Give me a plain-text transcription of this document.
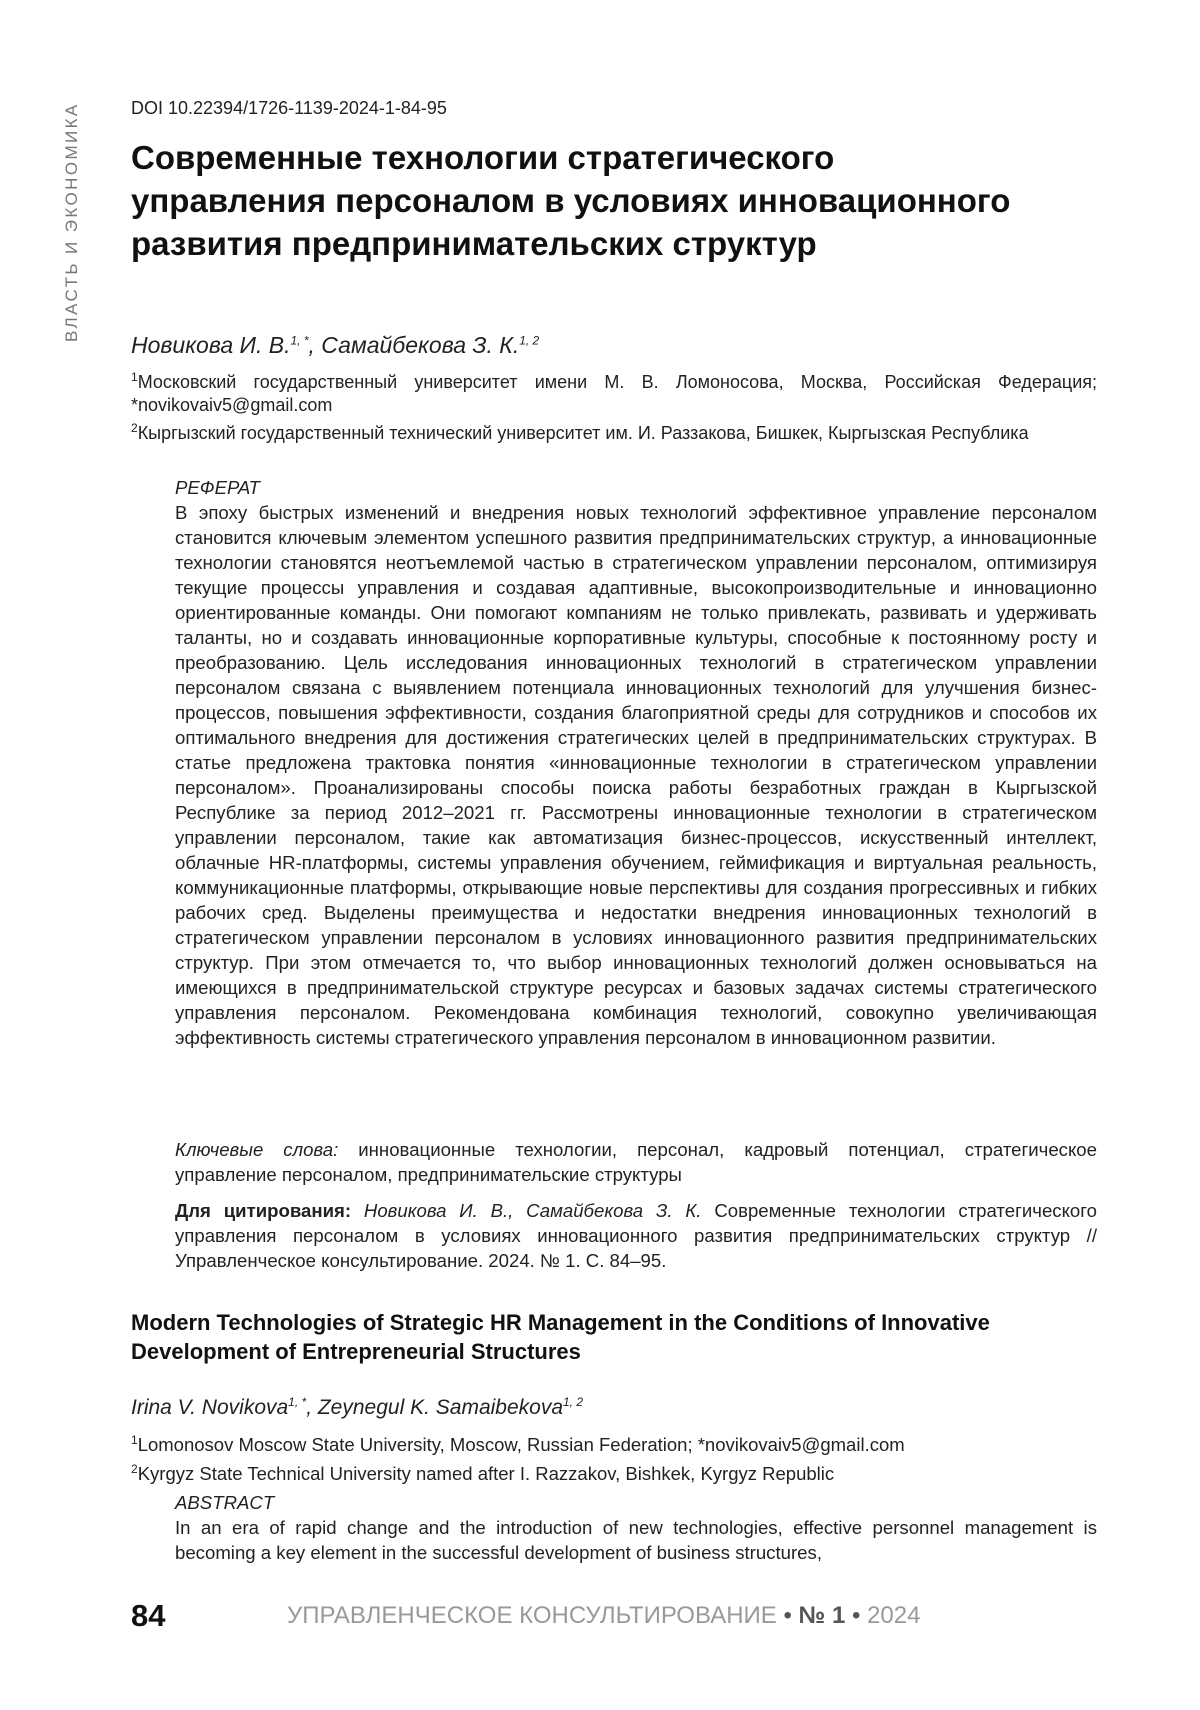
ВЛАСТЬ И ЭКОНОМИКА	DOI 10.22394/1726-1139-2024-1-84-95
Современные технологии стратегического управления персоналом в условиях инновационного развития предпринимательских структур
Новикова И. В.1, *, Самайбекова З. К.1, 2

1Московский государственный университет имени М. В. Ломоносова, Москва, Российская Федерация; *novikovaiv5@gmail.com

2Кыргызский государственный технический университет им. И. Раззакова, Бишкек, Кыргызская Республика

РЕФЕРАТ

В эпоху быстрых изменений и внедрения новых технологий эффективное управление персоналом становится ключевым элементом успешного развития предпринимательских структур, а инновационные технологии становятся неотъемлемой частью в стратегическом управлении персоналом, оптимизируя текущие процессы управления и создавая адаптивные, высокопроизводительные и инновационно ориентированные команды. Они помогают компаниям не только привлекать, развивать и удерживать таланты, но и создавать инновационные корпоративные культуры, способные к постоянному росту и преобразованию. Цель исследования инновационных технологий в стратегическом управлении персоналом связана с выявлением потенциала инновационных технологий для улучшения бизнес-процессов, повышения эффективности, создания благоприятной среды для сотрудников и способов их оптимального внедрения для достижения стратегических целей в предпринимательских структурах. В статье предложена трактовка понятия «инновационные технологии в стратегическом управлении персоналом». Проанализированы способы поиска работы безработных граждан в Кыргызской Республике за период 2012–2021 гг. Рассмотрены инновационные технологии в стратегическом управлении персоналом, такие как автоматизация бизнес-процессов, искусственный интеллект, облачные HR-платформы, системы управления обучением, геймификация и виртуальная реальность, коммуникационные платформы, открывающие новые перспективы для создания прогрессивных и гибких рабочих сред. Выделены преимущества и недостатки внедрения инновационных технологий в стратегическом управлении персоналом в условиях инновационного развития предпринимательских структур. При этом отмечается то, что выбор инновационных технологий должен основываться на имеющихся в предпринимательской структуре ресурсах и базовых задачах системы стратегического управления персоналом. Рекомендована комбинация технологий, совокупно увеличивающая эффективность системы стратегического управления персоналом в инновационном развитии.

Ключевые слова: инновационные технологии, персонал, кадровый потенциал, стратегическое управление персоналом, предпринимательские структуры

Для цитирования: Новикова И. В., Самайбекова З. К. Современные технологии стратегического управления персоналом в условиях инновационного развития предпринимательских структур // Управленческое консультирование. 2024. № 1. С. 84–95.

Modern Technologies of Strategic HR Management in the Conditions of Innovative Development of Entrepreneurial Structures
Irina V. Novikova1, *, Zeynegul K. Samaibekova1, 2

1Lomonosov Moscow State University, Moscow, Russian Federation; *novikovaiv5@gmail.com

2Kyrgyz State Technical University named after I. Razzakov, Bishkek, Kyrgyz Republic

ABSTRACT

In an era of rapid change and the introduction of new technologies, effective personnel management is becoming a key element in the successful development of business structures,

84	УПРАВЛЕНЧЕСКОЕ КОНСУЛЬТИРОВАНИЕ • № 1 • 2024
